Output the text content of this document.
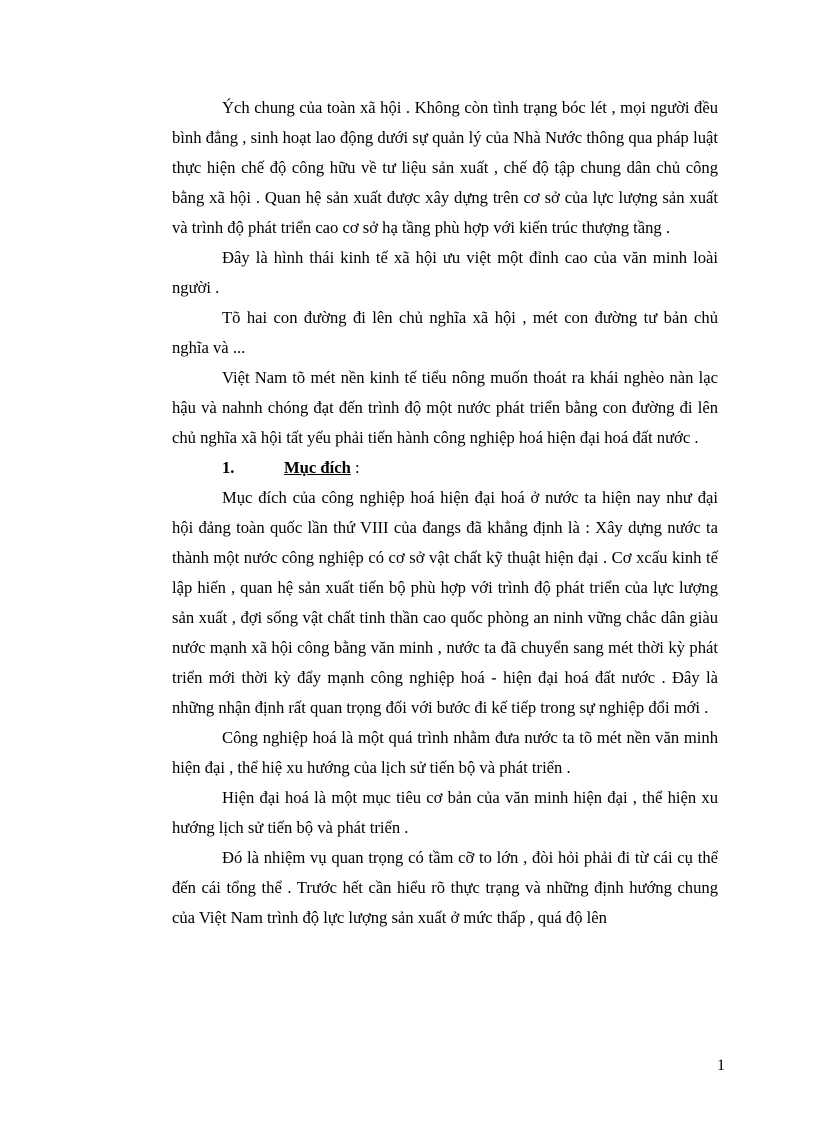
Ých chung của toàn xã hội . Không còn tình trạng bóc lét , mọi người đều bình đẳng , sinh hoạt lao động dưới sự quản lý của Nhà Nước thông qua pháp luật thực hiện chế độ công hữu về tư liệu sản xuất , chế độ tập chung dân chủ công bằng xã hội . Quan hệ sản xuất được xây dựng trên cơ sở của lực lượng sản xuất và trình độ phát triển cao cơ sở hạ tầng phù hợp với kiến trúc thượng tầng .

Đây là hình thái kinh tế xã hội ưu việt một đỉnh cao của văn minh loài người .

Tõ hai con đường đi lên chủ nghĩa xã hội , mét con đường tư bản chủ nghĩa và ...

Việt Nam tõ mét nền kinh tế tiểu nông muốn thoát ra khái nghèo nàn lạc hậu và nahnh chóng đạt đến trình độ một nước phát triển bằng con đường đi lên chủ nghĩa xã hội tất yếu phải tiến hành công nghiệp hoá hiện đại hoá đất nước .

1.	Mục đích :

Mục đích của công nghiệp hoá hiện đại hoá ở nước ta hiện nay như đại hội đảng toàn quốc lần thứ VIII của đangs đã khẳng định là : Xây dựng nước ta thành một nước công nghiệp có cơ sở vật chất kỹ thuật hiện đại . Cơ xcấu kinh tế lập hiến , quan hệ sản xuất tiến bộ phù hợp với trình độ phát triển của lực lượng sản xuất , đợi sống vật chất tinh thần cao quốc phòng an ninh vững chắc dân giàu nước mạnh xã hội công bằng văn minh , nước ta đã chuyển sang mét thời kỳ phát triển mới thời kỳ đẩy mạnh công nghiệp hoá - hiện đại hoá đất nước . Đây là những nhận định rất quan trọng đối với bước đi kế tiếp trong sự nghiệp đổi mới .

Công nghiệp hoá là một quá trình nhằm đưa nước ta tõ mét nền văn minh hiện đại , thể hiệ xu hướng của lịch sử tiến bộ và phát triển .

Hiện đại hoá là một mục tiêu cơ bản của văn minh hiện đại , thể hiện xu hướng lịch sử tiến bộ và phát triển .

Đó là nhiệm vụ quan trọng có tầm cỡ to lớn , đòi hỏi phải đi từ cái cụ thể đến cái tổng thể . Trước hết cần hiểu rõ thực trạng và những định hướng chung của Việt Nam trình độ lực lượng sản xuất ở mức thấp , quá độ lên

1
